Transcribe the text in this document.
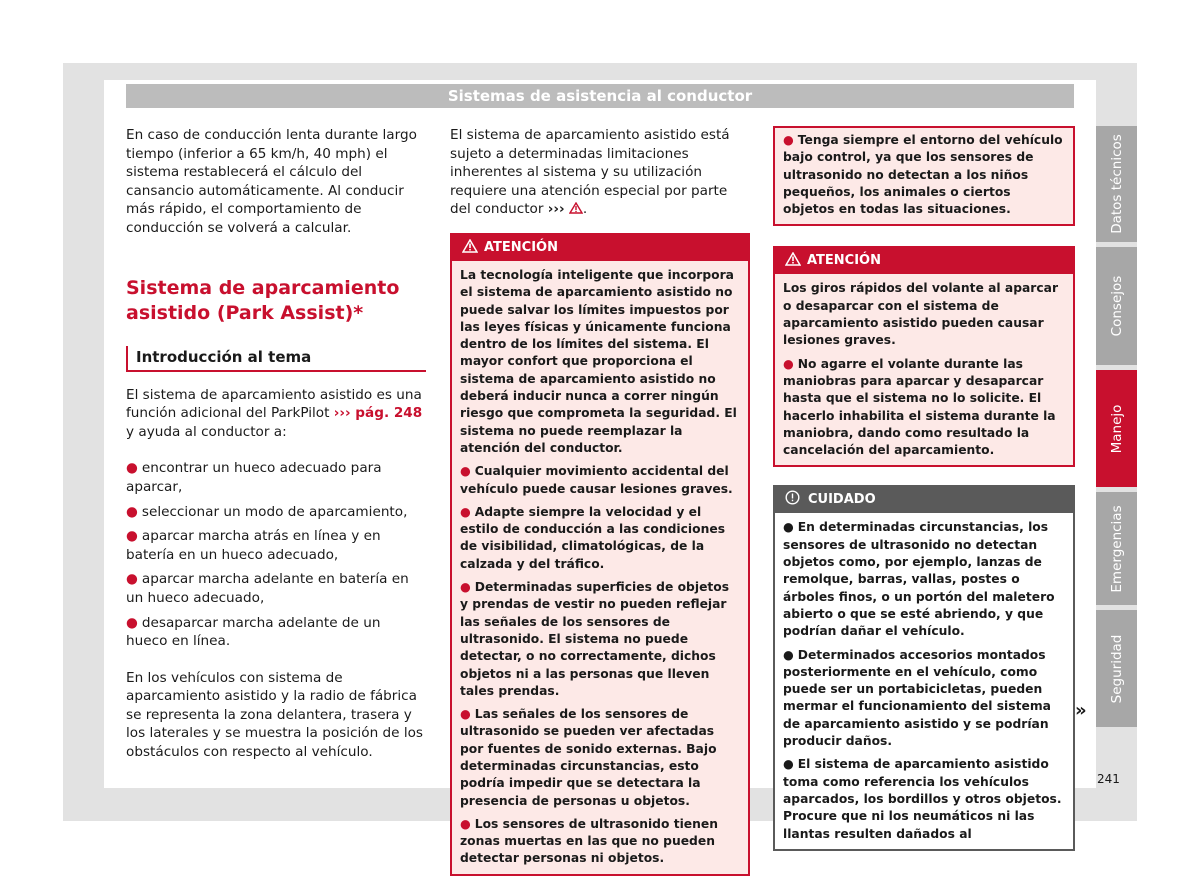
Sistemas de asistencia al conductor

En caso de conducción lenta durante largo tiempo (inferior a 65 km/h, 40 mph) el sistema restablecerá el cálculo del cansancio automáticamente. Al conducir más rápido, el comportamiento de conducción se volverá a calcular.

Sistema de aparcamiento asistido (Park Assist)*
Introducción al tema

El sistema de aparcamiento asistido es una función adicional del ParkPilot ››› pág. 248 y ayuda al conductor a:

● encontrar un hueco adecuado para aparcar,
● seleccionar un modo de aparcamiento,
● aparcar marcha atrás en línea y en batería en un hueco adecuado,
● aparcar marcha adelante en batería en un hueco adecuado,
● desaparcar marcha adelante de un hueco en línea.

En los vehículos con sistema de aparcamiento asistido y la radio de fábrica se representa la zona delantera, trasera y los laterales y se muestra la posición de los obstáculos con respecto al vehículo.

El sistema de aparcamiento asistido está sujeto a determinadas limitaciones inherentes al sistema y su utilización requiere una atención especial por parte del conductor ››› .

ATENCIÓN
La tecnología inteligente que incorpora el sistema de aparcamiento asistido no puede salvar los límites impuestos por las leyes físicas y únicamente funciona dentro de los límites del sistema. El mayor confort que proporciona el sistema de aparcamiento asistido no deberá inducir nunca a correr ningún riesgo que comprometa la seguridad. El sistema no puede reemplazar la atención del conductor.
● Cualquier movimiento accidental del vehículo puede causar lesiones graves.
● Adapte siempre la velocidad y el estilo de conducción a las condiciones de visibilidad, climatológicas, de la calzada y del tráfico.
● Determinadas superficies de objetos y prendas de vestir no pueden reflejar las señales de los sensores de ultrasonido. El sistema no puede detectar, o no correctamente, dichos objetos ni a las personas que lleven tales prendas.
● Las señales de los sensores de ultrasonido se pueden ver afectadas por fuentes de sonido externas. Bajo determinadas circunstancias, esto podría impedir que se detectara la presencia de personas u objetos.
● Los sensores de ultrasonido tienen zonas muertas en las que no pueden detectar personas ni objetos.
● Tenga siempre el entorno del vehículo bajo control, ya que los sensores de ultrasonido no detectan a los niños pequeños, los animales o ciertos objetos en todas las situaciones.
ATENCIÓN
Los giros rápidos del volante al aparcar o desaparcar con el sistema de aparcamiento asistido pueden causar lesiones graves.
● No agarre el volante durante las maniobras para aparcar y desaparcar hasta que el sistema no lo solicite. El hacerlo inhabilita el sistema durante la maniobra, dando como resultado la cancelación del aparcamiento.
CUIDADO
● En determinadas circunstancias, los sensores de ultrasonido no detectan objetos como, por ejemplo, lanzas de remolque, barras, vallas, postes o árboles finos, o un portón del maletero abierto o que se esté abriendo, y que podrían dañar el vehículo.
● Determinados accesorios montados posteriormente en el vehículo, como puede ser un portabicicletas, pueden mermar el funcionamiento del sistema de aparcamiento asistido y se podrían producir daños.
● El sistema de aparcamiento asistido toma como referencia los vehículos aparcados, los bordillos y otros objetos. Procure que ni los neumáticos ni las llantas resulten dañados al
»
Datos técnicos
Consejos
Manejo
Emergencias
Seguridad
241
